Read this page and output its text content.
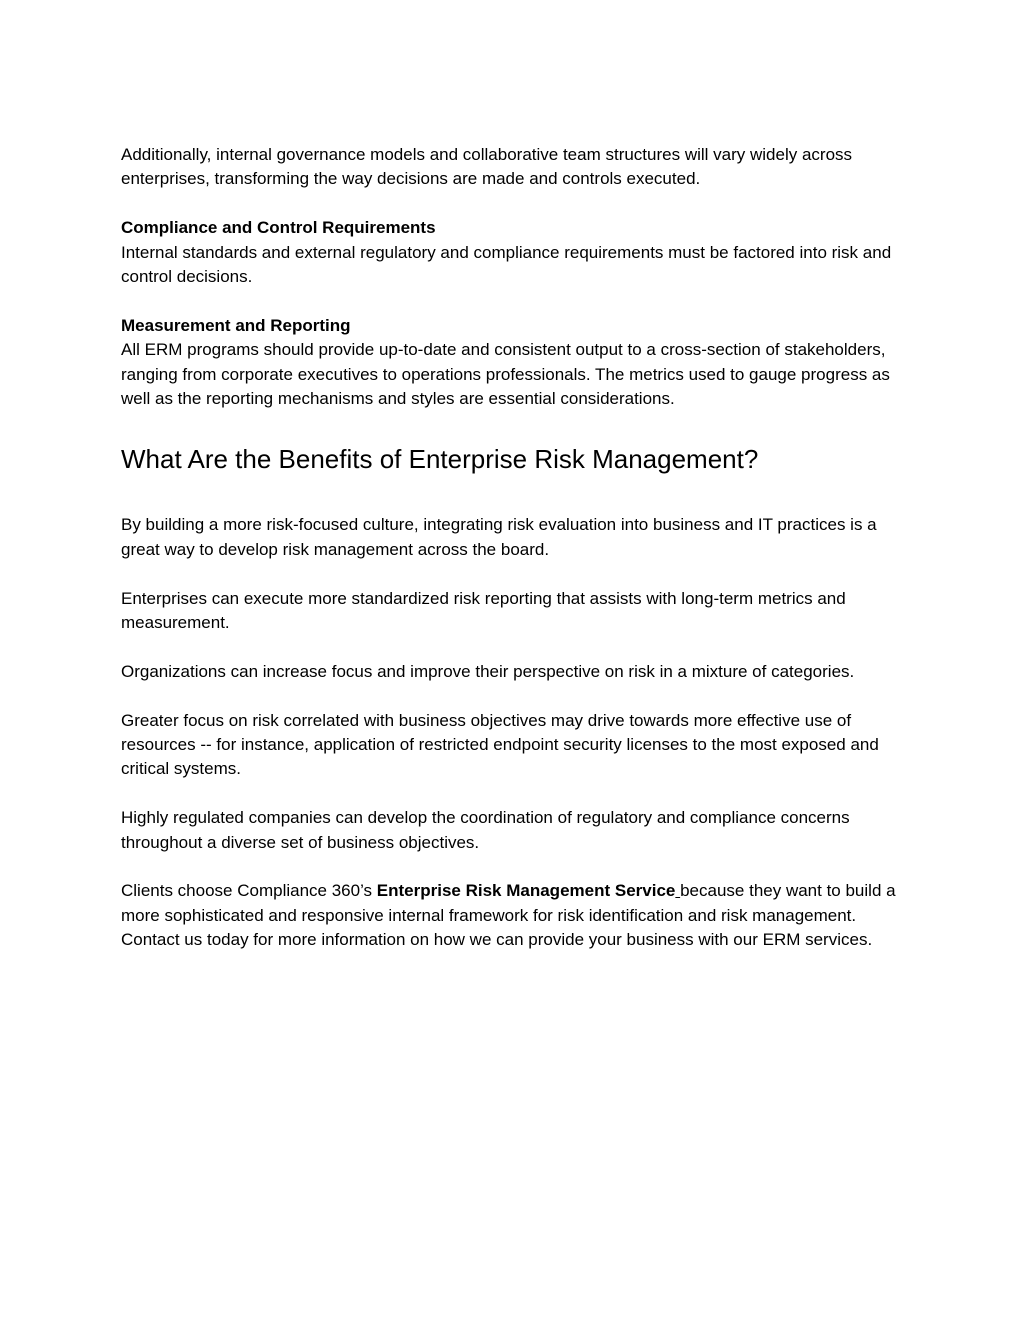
Additionally, internal governance models and collaborative team structures will vary widely across enterprises, transforming the way decisions are made and controls executed.

Compliance and Control Requirements

Internal standards and external regulatory and compliance requirements must be factored into risk and control decisions.

Measurement and Reporting

All ERM programs should provide up-to-date and consistent output to a cross-section of stakeholders, ranging from corporate executives to operations professionals. The metrics used to gauge progress as well as the reporting mechanisms and styles are essential considerations.

What Are the Benefits of Enterprise Risk Management?

By building a more risk-focused culture, integrating risk evaluation into business and IT practices is a great way to develop risk management across the board.

Enterprises can execute more standardized risk reporting that assists with long-term metrics and measurement.

Organizations can increase focus and improve their perspective on risk in a mixture of categories.

Greater focus on risk correlated with business objectives may drive towards more effective use of resources -- for instance, application of restricted endpoint security licenses to the most exposed and critical systems.

Highly regulated companies can develop the coordination of regulatory and compliance concerns throughout a diverse set of business objectives.

Clients choose Compliance 360’s Enterprise Risk Management Service because they want to build a more sophisticated and responsive internal framework for risk identification and risk management. Contact us today for more information on how we can provide your business with our ERM services.
